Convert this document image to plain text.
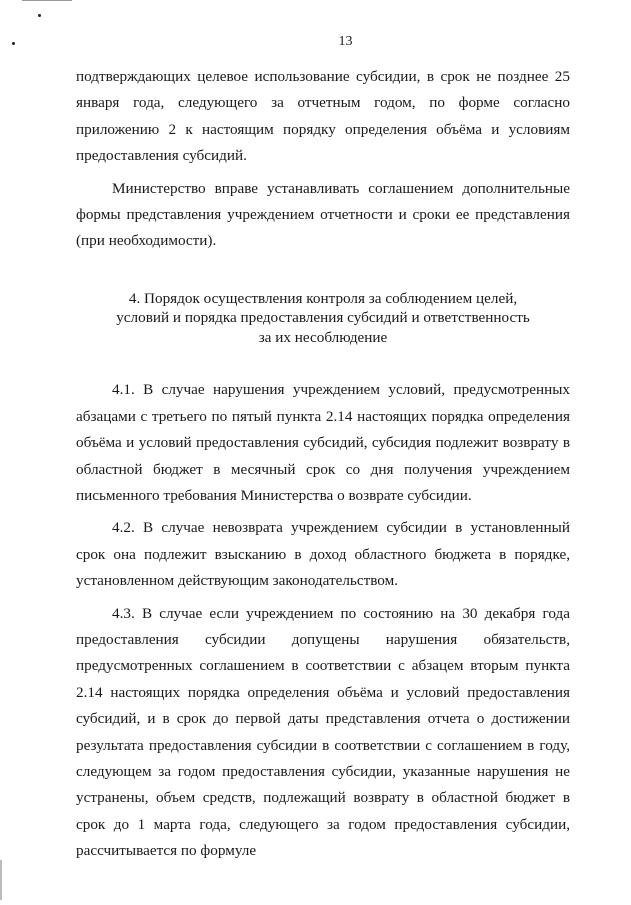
13

подтверждающих целевое использование субсидии, в срок не позднее 25 января года, следующего за отчетным годом, по форме согласно приложению 2 к настоящим порядку определения объёма и условиям предоставления субсидий.

Министерство вправе устанавливать соглашением дополнительные формы представления учреждением отчетности и сроки ее представления (при необходимости).

4. Порядок осуществления контроля за соблюдением целей,
условий и порядка предоставления субсидий и ответственность
за их несоблюдение

4.1. В случае нарушения учреждением условий, предусмотренных абзацами с третьего по пятый пункта 2.14 настоящих порядка определения объёма и условий предоставления субсидий, субсидия подлежит возврату в областной бюджет в месячный срок со дня получения учреждением письменного требования Министерства о возврате субсидии.

4.2. В случае невозврата учреждением субсидии в установленный срок она подлежит взысканию в доход областного бюджета в порядке, установленном действующим законодательством.

4.3. В случае если учреждением по состоянию на 30 декабря года предоставления субсидии допущены нарушения обязательств, предусмотренных соглашением в соответствии с абзацем вторым пункта 2.14 настоящих порядка определения объёма и условий предоставления субсидий, и в срок до первой даты представления отчета о достижении результата предоставления субсидии в соответствии с соглашением в году, следующем за годом предоставления субсидии, указанные нарушения не устранены, объем средств, подлежащий возврату в областной бюджет в срок до 1 марта года, следующего за годом предоставления субсидии, рассчитывается по формуле
